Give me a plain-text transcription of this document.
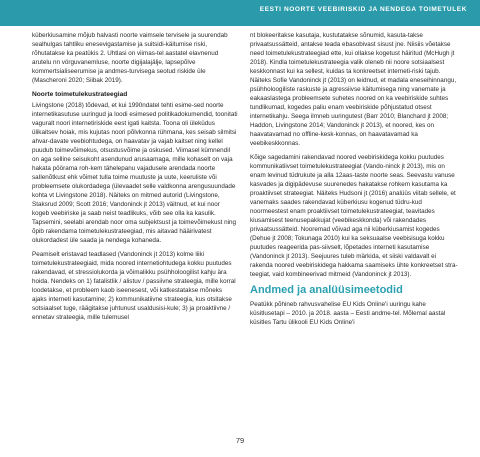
EESTI NOORTE VEEBIRISKID JA NENDEGA TOIMETULEK

küberkiusamine mõjub halvasti noorte vaimsele tervisele ja suurendab sealhulgas tahtliku enesevigastamise ja suitsidi-käitumise riski, rõhutatakse ka peatükis 2. Uhtlasi on viimas-tel aastatel elavnenud arutelu nn vörguvanemluse, noorte digijalajälje, lapsepõlve kommertsialiseerumise ja andmes-turvisega seotud riskide üle (Mascheroni 2020; Siibak 2019).

Noorte toimetulekustrateegiad

Livingstone (2018) tõdevad, et kui 1990ndatel tehti esime-sed noorte internetikasutuse uuringud ja loodi esimesed politikadokumendid, toonitati vaguralt noori internetiriskide eest igati kaitsta. Toona oli üleküdus ülikaitsev hoiak, mis kujutas noori põlvkonna rühmana, kes seisab silmitsi ahvar-davate veebiohtudega, on haavatav ja vajab kaitset ning kellel puudub toimevõimekus, otsustusvõime ja oskused. Viimasel kümnendil on aga selline seisukoht asendunud arusaamaga, mille kohaselt on vaja hakata pöörama roh-kem tähelepanu vajadusele arendada noorte saIlenõtkust ehk võimet tulla toime muutuste ja uute, keeruliste või probleemsete olukordadega (ülevaadet selle valdkonna arengusuundade kohta vt Livingstone 2018). Näiteks on mitmed autorid (Livingstone, Staksrud 2009; Scott 2016; Vandoninck jt 2013) väitnud, et kui noor kogeb veebiriske ja saab neist teadlikuks, võib see olla ka kasulik. Tapsemini, seelabi arendab noor oma subjektsust ja toimevõimekust ning õpib rakendama toimetulekustrateegiad, mis aitavad hääirivatest olukordadest üle saada ja nendega kohaneda.

Peamiselt eristavad teadlased (Vandoninck jt 2013) kolme liiki toimetulekustrateegiaid, mida noored internetiohtudega kokku puutudes rakendavad, et stressiolukorda ja võimalikku psühholoogilist kahju ära hoida. Nendeks on 1) fatalistlik / alistuv / passiivne strateegia, mille korral loodetakse, et probleem kaob iseenesest, või katkestatakse mõneks ajaks interneti kasutamine; 2) kommunikatiivne strateegia, kus otsitakse sotsiaalset tuge, räägitakse juhtunust usaldusisi-kule; 3) ja proaktiivne / ennetav strateegia, mille tulemusel

nt blokeeritakse kasutaja, kustutatakse sõnumid, kasuta-takse privaatsussätteid, antakse teada ebasobivast sisust jne. Niisiis võetakse need toimetulekustrateegiad ette, kui ollakse kogetust häiritud (McHugh jt 2018). Kindla toimetulekustrateegia valik oleneb nii noore sotsiaalsest keskkonnast kui ka sellest, kuidas ta konkreetset interneti-riski tajub. Näiteks Sofie Vandoninck jt (2013) on leidnud, et madala eneseihinnangu, psühholoogiliste raskuste ja agressiivse käitumisega ning vanemate ja eakaaslastega probleemsete suhetes noored on ka veebiriskide suhtes tundlikumad, kogedes paliu enam veebiriskide põhjustatud otsest internetikahju. Seega ilmneb uuringutest (Barr 2010; Blanchard jt 2008; Haddon, Livingstone 2014; Vandoninck jt 2013), et noored, kes on haavatavamad no offline-kesk-konnas, on haavatavamad ka veebikeskkonnas.

Kõige sagedamini rakendavad noored veebiriskidega kokku puutudes kommunikatiivset toimetulekustrateegiat (Vando-ninck jt 2013), mis on enam levinud tüdrukute ja alla 12aas-taste noorte seas. Seevastu vanuse kasvades ja digipädevuse suurenedes hakatakse rohkem kasutama ka proaktiivset strateegiat. Näiteks Hudsoni jt (2016) analüüs viitab sellele, et vanemaks saades rakendavad küberkiusu kogenud tüdru-kud noormeestest enam proaktiivset toimetulekustrateegiat, teavitades kiusamisest teenusepakkujat (veebikeskkonda) või rakendades privaatsussätteid. Nooremad võivad aga nii küberkiusamist kogedes (Dehue jt 2008; Tokunaga 2010) kui ka seksuaalse veebisisuga kokku puutudes reageerida pas-siivselt, lõpetades interneti kasutamise (Vandoninck jt 2013). Seejuures tuleb märkida, et siiski valdavalt ei rakenda noored veebiriskidega hakkama saamiseks ühte konkreetset stra-teegiat, vaid kombineerivad mitmeid (Vandoninck jt 2013).

Andmed ja analüüsimeetodid

Peatükk põhineb rahvusvahelise EU Kids Online'i uuringu kahe küsitlusetapi – 2010. ja 2018. aasta – Eesti andme-tel. Mõlemal aastal küsitles Tartu ülikooli EU Kids Online'i

79
